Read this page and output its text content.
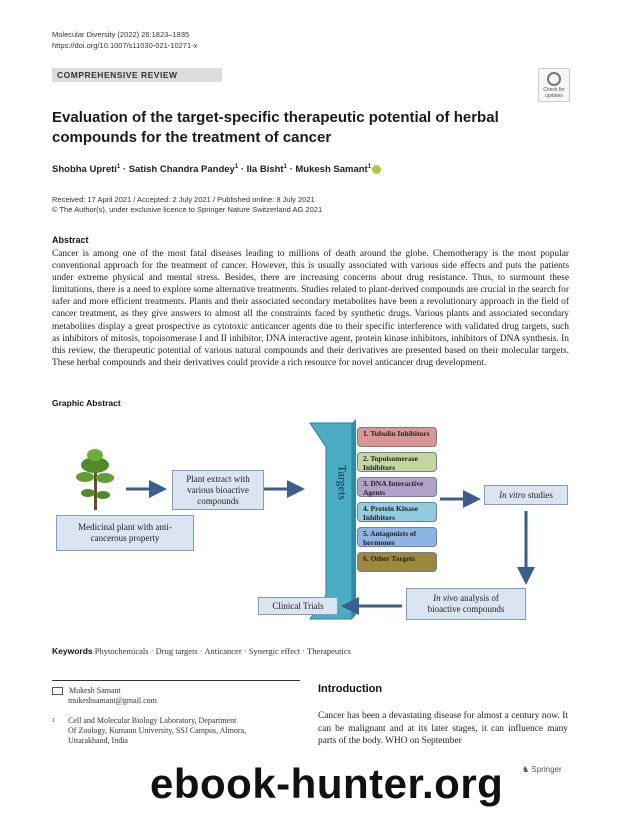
Molecular Diversity (2022) 26:1823–1835
https://doi.org/10.1007/s11030-021-10271-x
COMPREHENSIVE REVIEW
Check for
updates
Evaluation of the target-specific therapeutic potential of herbal compounds for the treatment of cancer
Shobha Upreti$^1$ · Satish Chandra Pandey$^1$ · Ila Bisht$^1$ · Mukesh Samant$^1$
Received: 17 April 2021 / Accepted: 2 July 2021 / Published online: 8 July 2021
© The Author(s), under exclusive licence to Springer Nature Switzerland AG 2021
Abstract
Cancer is among one of the most fatal diseases leading to millions of death around the globe. Chemotherapy is the most popular conventional approach for the treatment of cancer. However, this is usually associated with various side effects and puts the patients under extreme physical and mental stress. Besides, there are increasing concerns about drug resistance. Thus, to surmount these limitations, there is a need to explore some alternative treatments. Studies related to plant-derived compounds are crucial in the search for safer and more efficient treatments. Plants and their associated secondary metabolites have been a revolutionary approach in the field of cancer treatment, as they give answers to almost all the constraints faced by synthetic drugs. Various plants and associated secondary metabolites display a great prospective as cytotoxic anticancer agents due to their specific interference with validated drug targets, such as inhibitors of mitosis, topoisomerase I and II inhibitor, DNA interactive agent, protein kinase inhibitors, inhibitors of DNA synthesis. In this review, the therapeutic potential of various natural compounds and their derivatives are presented based on their molecular targets. These herbal compounds and their derivatives could provide a rich resource for novel anticancer drug development.
Graphic Abstract
Targets
Medicinal plant with anti-cancerous property
Plant extract with various bioactive compounds
1. Tubulin Inhibitors
2. Topoisomerase Inhibitors
3. DNA Interactive Agents
4. Protein Kinase Inhibitors
5. Antagonists of hormones
6. Other Targets
In vitro studies
In vivo analysis of
bioactive compounds
Clinical Trials
Keywords Phytochemicals · Drug targets · Anticancer · Synergic effect · Therapeutics
Mukesh Samant
mukeshsamant@gmail.com
1 Cell and Molecular Biology Laboratory, Department
Of Zoology, Kumaun University, SSJ Campus, Almora,
Uttarakhand, India
Introduction
Cancer has been a devastating disease for almost a century now. It can be malignant and at its later stages, it can influence many parts of the body. WHO on September
♞ Springer
ebook-hunter.org
